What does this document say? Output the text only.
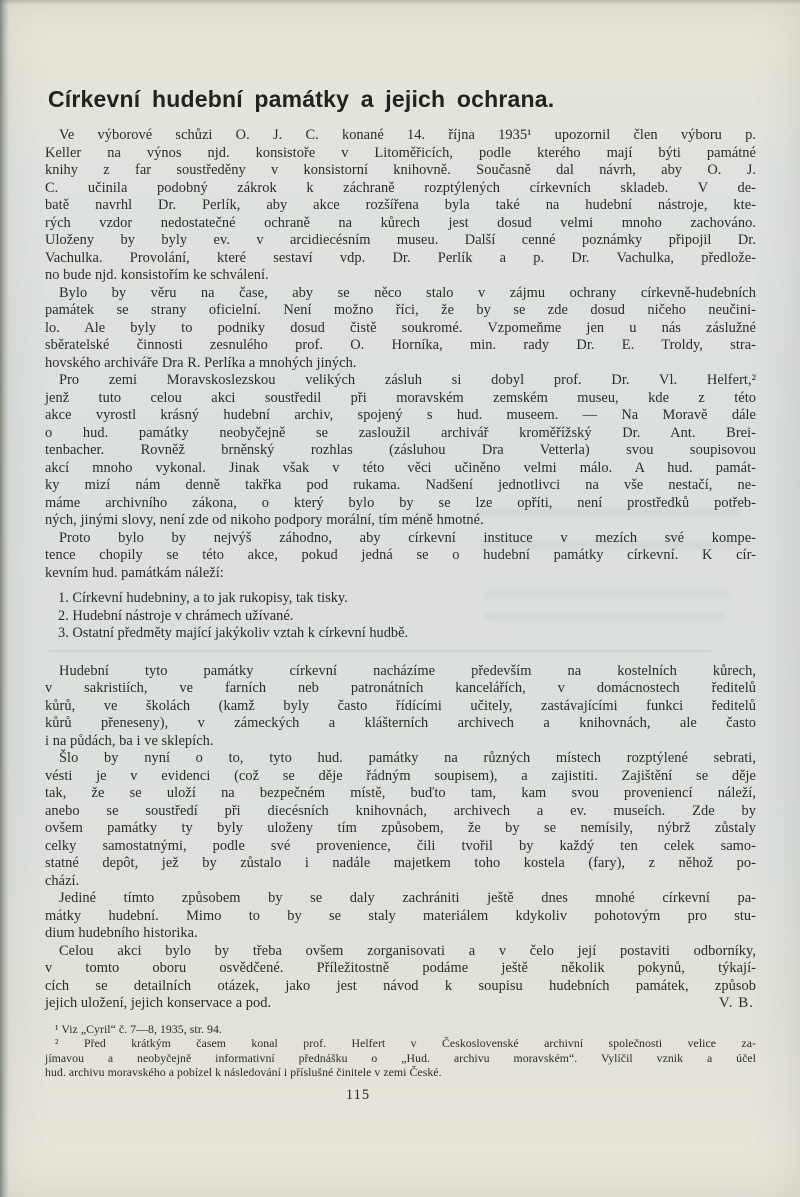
Církevní hudební památky a jejich ochrana.
Ve výborové schůzi O. J. C. konané 14. října 1935¹ upozornil člen výboru p.
Keller na výnos njd. konsistoře v Litoměřicích, podle kterého mají býti památné
knihy z far soustředěny v konsistorní knihovně. Současně dal návrh, aby O. J.
C. učinila podobný zákrok k záchraně rozptýlených církevních skladeb. V de-
batě navrhl Dr. Perlík, aby akce rozšířena byla také na hudební nástroje, kte-
rých vzdor nedostatečné ochraně na kůrech jest dosud velmi mnoho zachováno.
Uloženy by byly ev. v arcidiecésním museu. Další cenné poznámky připojil Dr.
Vachulka. Provolání, které sestaví vdp. Dr. Perlík a p. Dr. Vachulka, předlože-
no bude njd. konsistořím ke schválení.
Bylo by věru na čase, aby se něco stalo v zájmu ochrany církevně-hudebních
památek se strany oficielní. Není možno říci, že by se zde dosud ničeho neučini-
lo. Ale byly to podniky dosud čistě soukromé. Vzpomeňme jen u nás záslužné
sběratelské činnosti zesnulého prof. O. Horníka, min. rady Dr. E. Troldy, stra-
hovského archiváře Dra R. Perlíka a mnohých jiných.
Pro zemi Moravskoslezskou velikých zásluh si dobyl prof. Dr. Vl. Helfert,²
jenž tuto celou akci soustředil při moravském zemském museu, kde z této
akce vyrostl krásný hudební archiv, spojený s hud. museem. — Na Moravě dále
o hud. památky neobyčejně se zasloužil archivář kroměřížský Dr. Ant. Brei-
tenbacher. Rovněž brněnský rozhlas (zásluhou Dra Vetterla) svou soupisovou
akcí mnoho vykonal. Jinak však v této věci učiněno velmi málo. A hud. památ-
ky mizí nám denně takřka pod rukama. Nadšení jednotlivci na vše nestačí, ne-
máme archivního zákona, o který bylo by se lze opříti, není prostředků potřeb-
ných, jinými slovy, není zde od nikoho podpory morální, tím méně hmotné.
Proto bylo by nejvýš záhodno, aby církevní instituce v mezích své kompe-
tence chopily se této akce, pokud jedná se o hudební památky církevní. K cír-
kevním hud. památkám náleží:
1. Církevní hudebniny, a to jak rukopisy, tak tisky.
2. Hudební nástroje v chrámech užívané.
3. Ostatní předměty mající jakýkoliv vztah k církevní hudbě.
Hudební tyto památky církevní nacházíme především na kostelních kůrech,
v sakristiích, ve farních neb patronátních kancelářích, v domácnostech ředitelů
kůrů, ve školách (kamž byly často řídícími učitely, zastávajícími funkci ředitelů
kůrů přeneseny), v zámeckých a klášterních archivech a knihovnách, ale často
i na půdách, ba i ve sklepích.
Šlo by nyní o to, tyto hud. památky na různých místech rozptýlené sebrati,
vésti je v evidenci (což se děje řádným soupisem), a zajistiti. Zajištění se děje
tak, že se uloží na bezpečném místě, buďto tam, kam svou proveniencí náleží,
anebo se soustředí při diecésních knihovnách, archivech a ev. museích. Zde by
ovšem památky ty byly uloženy tím způsobem, že by se nemísily, nýbrž zůstaly
celky samostatnými, podle své provenience, čili tvořil by každý ten celek samo-
statné depôt, jež by zůstalo i nadále majetkem toho kostela (fary), z něhož po-
chází.
Jediné tímto způsobem by se daly zachrániti ještě dnes mnohé církevní pa-
mátky hudební. Mimo to by se staly materiálem kdykoliv pohotovým pro stu-
dium hudebního historika.
Celou akci bylo by třeba ovšem zorganisovati a v čelo její postaviti odborníky,
v tomto oboru osvědčené. Příležitostně podáme ještě několik pokynů, týkají-
cích se detailních otázek, jako jest návod k soupisu hudebních památek, způsob
jejich uložení, jejich konservace a pod.	V. B.
¹ Viz „Cyril“ č. 7—8, 1935, str. 94.
² Před krátkým časem konal prof. Helfert v Československé archivní společnosti velice za-
jímavou a neobyčejně informativní přednášku o „Hud. archivu moravském“. Vylíčil vznik a účel
hud. archivu moravského a pobízel k následování i příslušné činitele v zemi České.
115
